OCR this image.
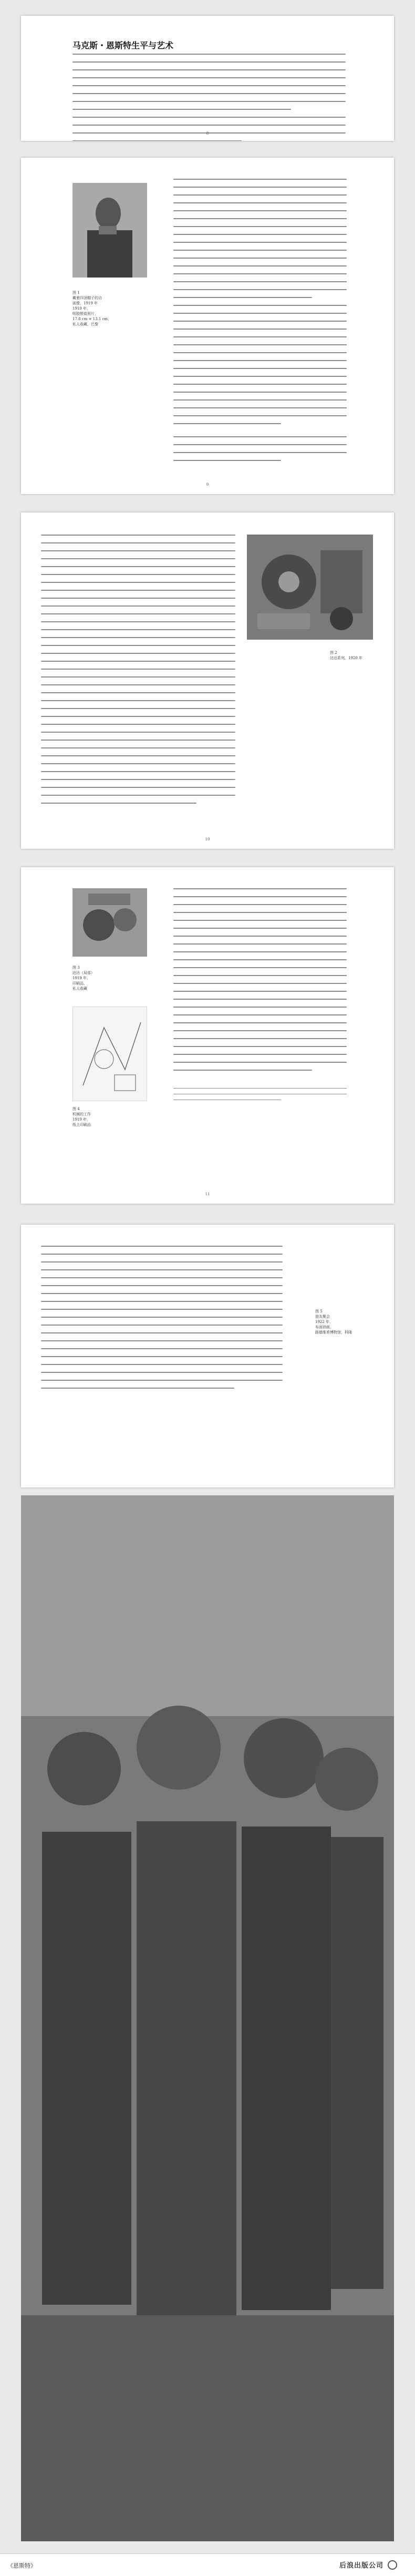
马克斯・恩斯特生平与艺术
8
图 1
戴着四顶帽子的自
画像，1919 年
1919 年，
明胶银盐照片，
17.8 cm × 13.1 cm，
私人收藏，巴黎
9
图 2
达达系列，1920 年
10
图 3
达达（局部）
1919 年，
印刷品，
私人收藏
图 4
机械的工作
1919 年，
纸上印刷品
11
图 5
朋友聚会
1922 年，
布面油画，
路德维希博物馆，科隆
《恩斯特》	后浪出版公司
